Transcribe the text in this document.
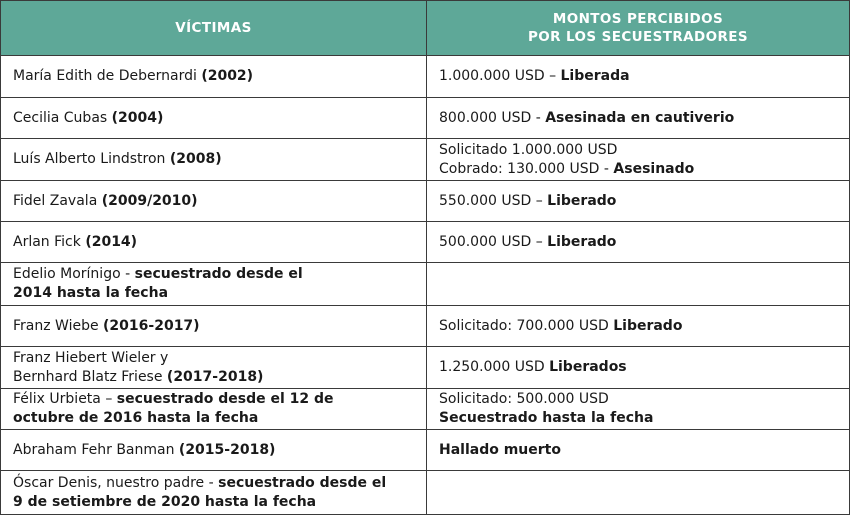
VÍCTIMAS	MONTOS PERCIBIDOS
POR LOS SECUESTRADORES

María Edith de Debernardi (2002)	1.000.000 USD – Liberada

Cecilia Cubas (2004)	800.000 USD - Asesinada en cautiverio

Luís Alberto Lindstron (2008)	Solicitado 1.000.000 USD
Cobrado: 130.000 USD - Asesinado

Fidel Zavala (2009/2010)	550.000 USD – Liberado

Arlan Fick (2014)	500.000 USD – Liberado

Edelio Morínigo - secuestrado desde el
2014 hasta la fecha	

Franz Wiebe (2016-2017)	Solicitado: 700.000 USD Liberado

Franz Hiebert Wieler y
Bernhard Blatz Friese (2017-2018)	1.250.000 USD Liberados

Félix Urbieta – secuestrado desde el 12 de
octubre de 2016 hasta la fecha	Solicitado: 500.000 USD
Secuestrado hasta la fecha

Abraham Fehr Banman (2015-2018)	Hallado muerto

Óscar Denis, nuestro padre - secuestrado desde el
9 de setiembre de 2020 hasta la fecha	
